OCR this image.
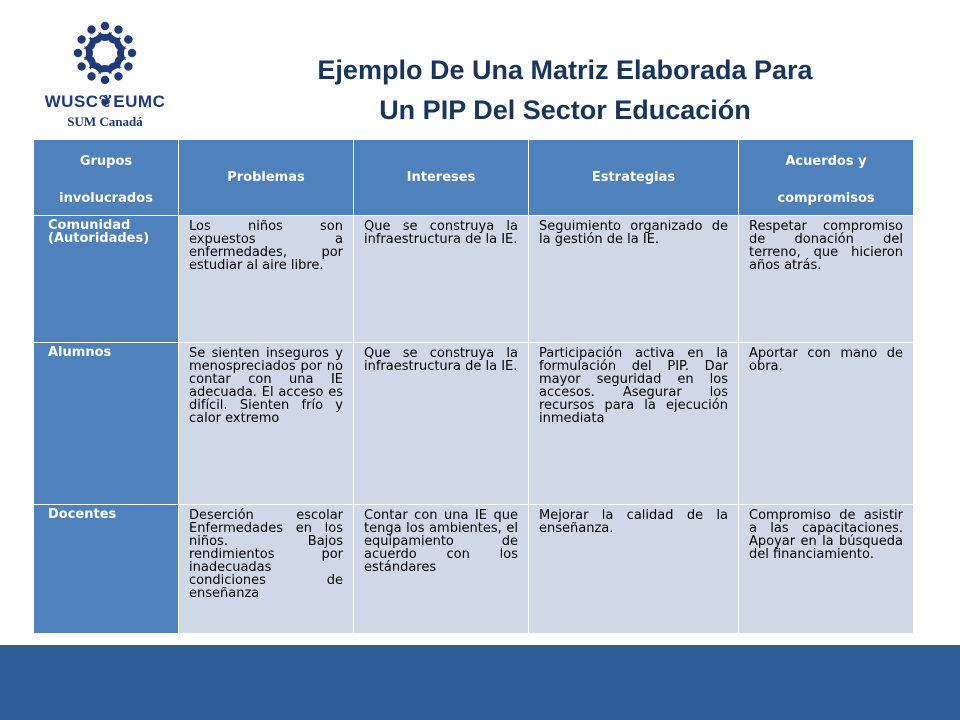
WUSC❦EUMC
SUM Canadá
Ejemplo De Una Matriz Elaborada Para
Un PIP Del Sector Educación
Grupos
involucrados	Problemas	Intereses	Estrategias	Acuerdos y
compromisos

Comunidad (Autoridades)	Los niños son expuestos a enfermedades, por estudiar al aire libre.	Que se construya la infraestructura de la IE.	Seguimiento organizado de la gestión de la IE.	Respetar compromiso de donación del terreno, que hicieron años atrás.
Alumnos	Se sienten inseguros y menospreciados por no contar con una IE adecuada. El acceso es difícil. Sienten frío y calor extremo	Que se construya la infraestructura de la IE.	Participación activa en la formulación del PIP. Dar mayor seguridad en los accesos. Asegurar los recursos para la ejecución inmediata	Aportar con mano de obra.
Docentes	Deserción escolar Enfermedades en los niños. Bajos rendimientos por inadecuadas condiciones de enseñanza	Contar con una IE que tenga los ambientes, el equipamiento de acuerdo con los estándares	Mejorar la calidad de la enseñanza.	Compromiso de asistir a las capacitaciones. Apoyar en la búsqueda del financiamiento.
